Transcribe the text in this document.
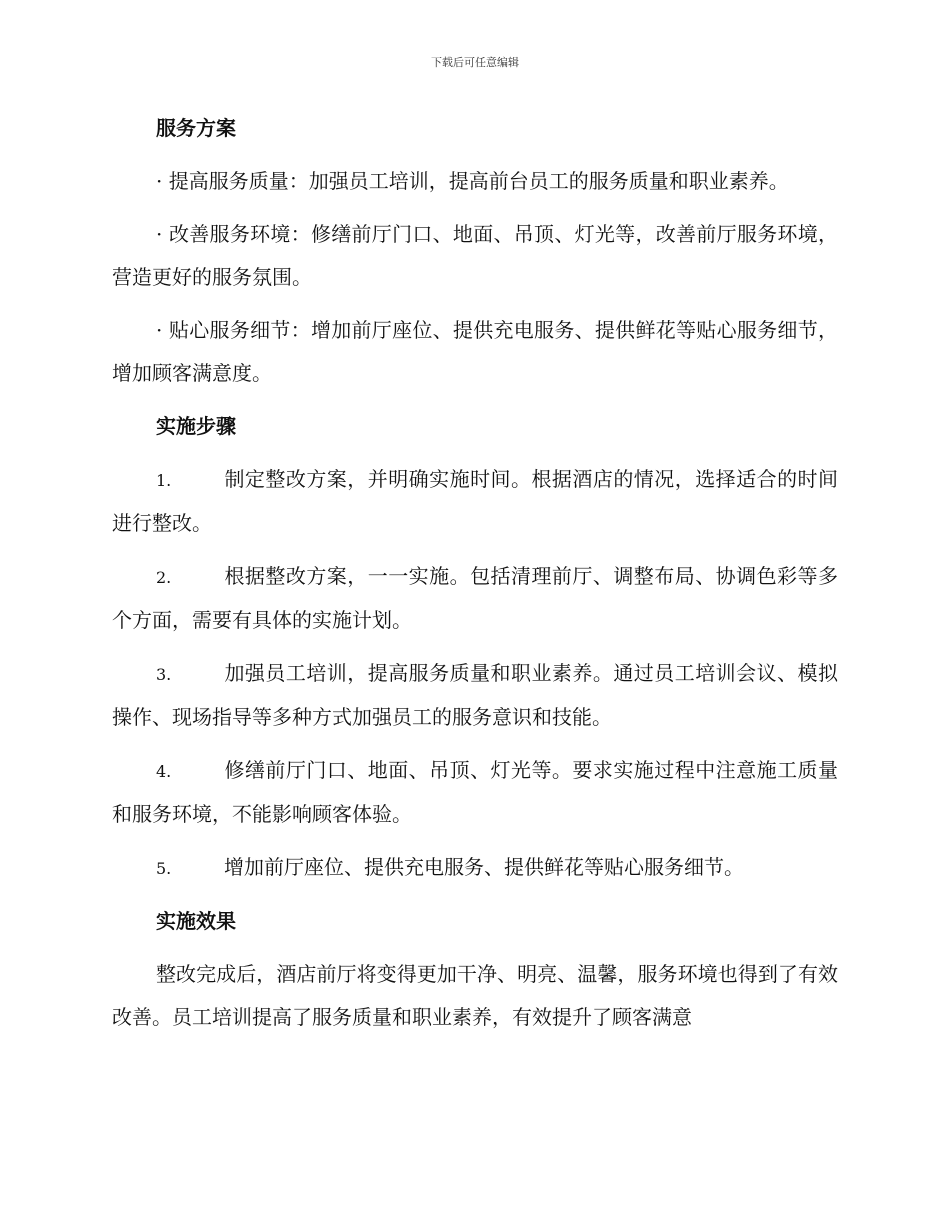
下载后可任意编辑
服务方案

· 提高服务质量：加强员工培训，提高前台员工的服务质量和职业素养。

· 改善服务环境：修缮前厅门口、地面、吊顶、灯光等，改善前厅服务环境，营造更好的服务氛围。

· 贴心服务细节：增加前厅座位、提供充电服务、提供鲜花等贴心服务细节，增加顾客满意度。

实施步骤

1.	制定整改方案，并明确实施时间。根据酒店的情况，选择适合的时间进行整改。

2.	根据整改方案，一一实施。包括清理前厅、调整布局、协调色彩等多个方面，需要有具体的实施计划。

3.	加强员工培训，提高服务质量和职业素养。通过员工培训会议、模拟操作、现场指导等多种方式加强员工的服务意识和技能。

4.	修缮前厅门口、地面、吊顶、灯光等。要求实施过程中注意施工质量和服务环境，不能影响顾客体验。

5.	增加前厅座位、提供充电服务、提供鲜花等贴心服务细节。

实施效果

整改完成后，酒店前厅将变得更加干净、明亮、温馨，服务环境也得到了有效改善。员工培训提高了服务质量和职业素养，有效提升了顾客满意
